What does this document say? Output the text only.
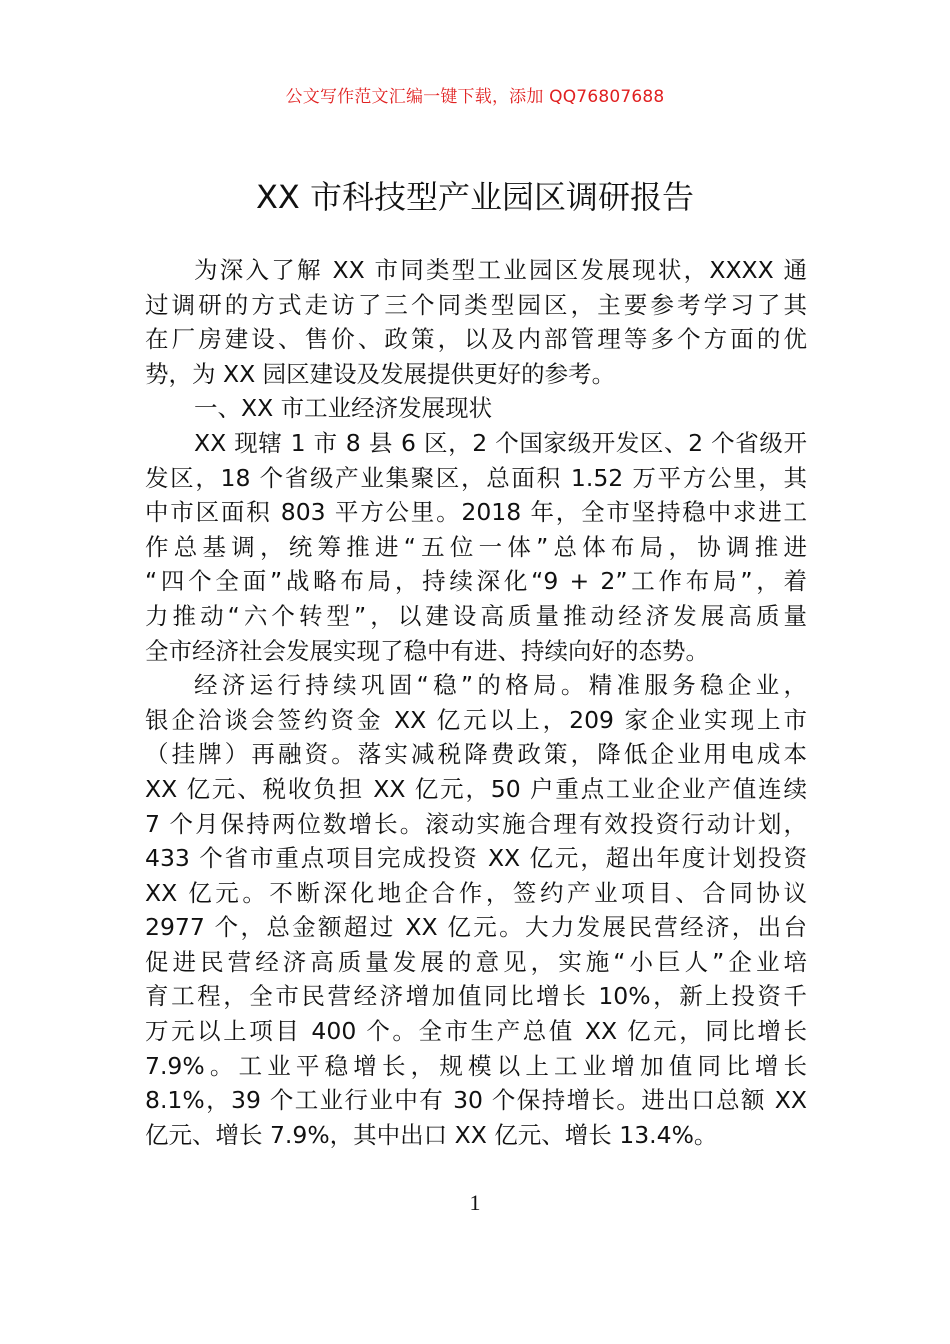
公文写作范文汇编一键下载，添加 QQ76807688
XX 市科技型产业园区调研报告
为深入了解 XX 市同类型工业园区发展现状，XXXX 通
过调研的方式走访了三个同类型园区，主要参考学习了其
在厂房建设、售价、政策，以及内部管理等多个方面的优
势，为 XX 园区建设及发展提供更好的参考。
一、XX 市工业经济发展现状
XX 现辖 1 市 8 县 6 区，2 个国家级开发区、2 个省级开
发区，18 个省级产业集聚区，总面积 1.52 万平方公里，其
中市区面积 803 平方公里。2018 年，全市坚持稳中求进工
作总基调，统筹推进“五位一体”总体布局，协调推进
“四个全面”战略布局，持续深化“9 + 2”工作布局”，着
力推动“六个转型”，以建设高质量推动经济发展高质量
全市经济社会发展实现了稳中有进、持续向好的态势。
经济运行持续巩固“稳”的格局。精准服务稳企业，
银企洽谈会签约资金 XX 亿元以上，209 家企业实现上市
（挂牌）再融资。落实减税降费政策，降低企业用电成本
XX 亿元、税收负担 XX 亿元，50 户重点工业企业产值连续
7 个月保持两位数增长。滚动实施合理有效投资行动计划，
433 个省市重点项目完成投资 XX 亿元，超出年度计划投资
XX 亿元。不断深化地企合作，签约产业项目、合同协议
2977 个，总金额超过 XX 亿元。大力发展民营经济，出台
促进民营经济高质量发展的意见，实施“小巨人”企业培
育工程，全市民营经济增加值同比增长 10%，新上投资千
万元以上项目 400 个。全市生产总值 XX 亿元，同比增长
7.9%。工业平稳增长，规模以上工业增加值同比增长
8.1%，39 个工业行业中有 30 个保持增长。进出口总额 XX
亿元、增长 7.9%，其中出口 XX 亿元、增长 13.4%。
1
